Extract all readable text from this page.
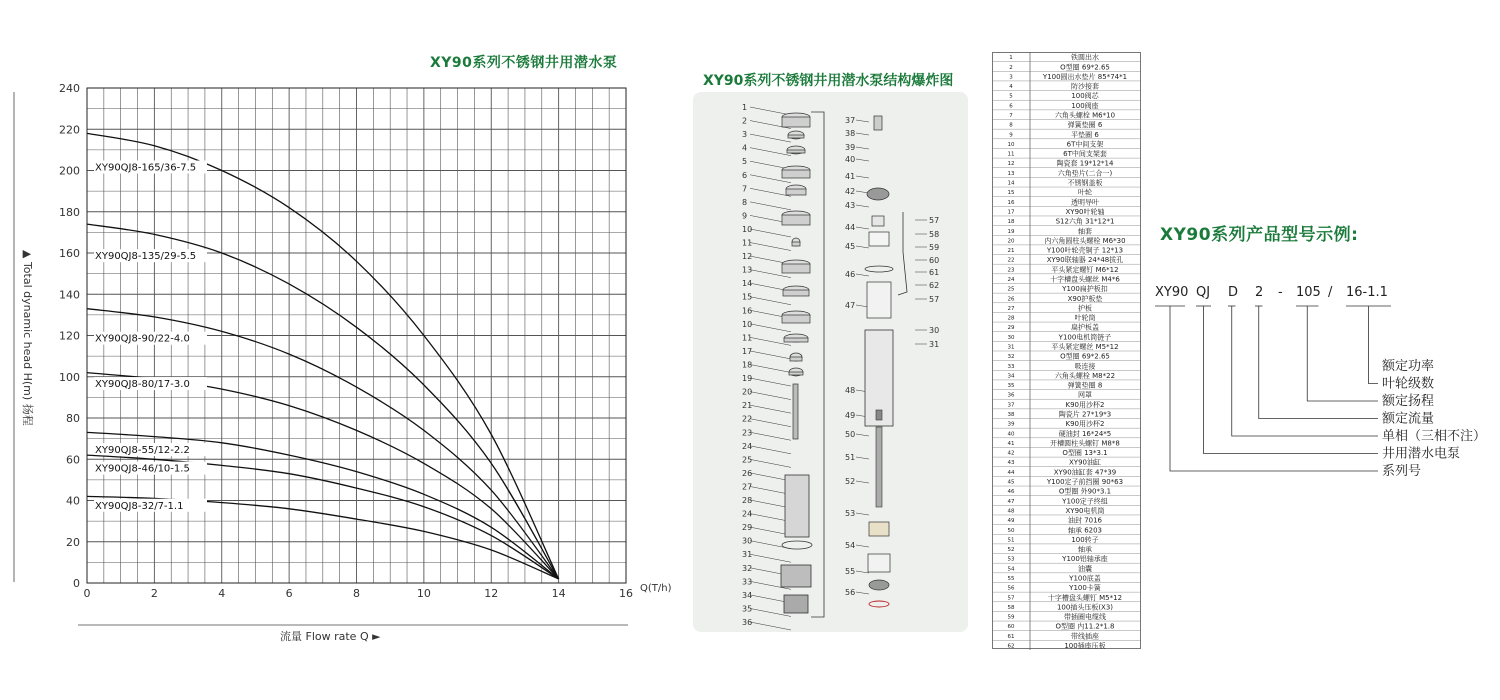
XY90系列不锈钢井用潜水泵
0	2	4	6	8	10	12	14	16
0
20
40
60
80
100
120
140
160
180
200
220
240
Q(T/h)
▲ Total dynamic head H(m) 扬程
流量 Flow rate Q ►
XY90QJ8-165/36-7.5
XY90QJ8-135/29-5.5
XY90QJ8-90/22-4.0
XY90QJ8-80/17-3.0
XY90QJ8-55/12-2.2
XY90QJ8-46/10-1.5
XY90QJ8-32/7-1.1
XY90系列不锈钢井用潜水泵结构爆炸图
1
2
3
4
5
6
7
8
9
10
11
12
13
14
15
16
10
11
17
18
19
20
21
22
23
24
25
26
27
28
24
29
30
31
32
33
34
35
36
37
38
39
40
41
42
43
44
45
46
47
48
49
50
51
52
53
54
55
56
57
58
59
60
61
62
57
30
31
1	铁圆出水
2	O型圈 69*2.65
3	Y100圆出水垫片 85*74*1
4	防沙接套
5	100阀芯
6	100阀座
7	六角头螺栓 M6*10
8	弹簧垫圈 6
9	平垫圈 6
10	6T中间支架
11	6T中间支架套
12	陶瓷套 19*12*14
13	六角垫片(二合一)
14	不锈钢盖板
15	叶轮
16	透明导叶
17	XY90叶轮轴
18	S12六角 31*12*1
19	轴套
20	内六角圆柱头螺栓 M6*30
21	Y100叶轮壳铜子 12*13
22	XY90联轴器 24*48拔孔
23	平头紧定螺钉 M6*12
24	十字槽盘头螺丝 M4*6
25	Y100扁护板扣
26	X90护板垫
27	护板
28	叶轮筒
29	扁护板盖
30	Y100电机筒链子
31	平头紧定螺丝 M5*12
32	O型圈 69*2.65
33	吸连接
34	六角头螺栓 M8*22
35	弹簧垫圈 8
36	网罩
37	K90用沙杯2
38	陶瓷片 27*19*3
39	K90用沙杯2
40	硬油封 16*24*5
41	开槽圆柱头螺钉 M8*8
42	O型圈 13*3.1
43	XY90油缸
44	XY90油缸套 47*39
45	Y100定子前挡圈 90*63
46	O型圈 外90*3.1
47	Y100定子终组
48	XY90电机筒
49	油封 7016
50	轴承 6203
51	100转子
52	轴承
53	Y100铝轴承座
54	油囊
55	Y100底盖
56	Y100卡簧
57	十字槽盘头螺钉 M5*12
58	100插头压板(X3)
59	带插圈电缆线
60	O型圈 内11.2*1.8
61	带线插座
62	100插座压板
XY90系列产品型号示例:
XY90 QJ D 2 - 105 / 16-1.1
额定功率
叶轮级数
额定扬程
额定流量
单相（三相不注）
井用潜水电泵
系列号
